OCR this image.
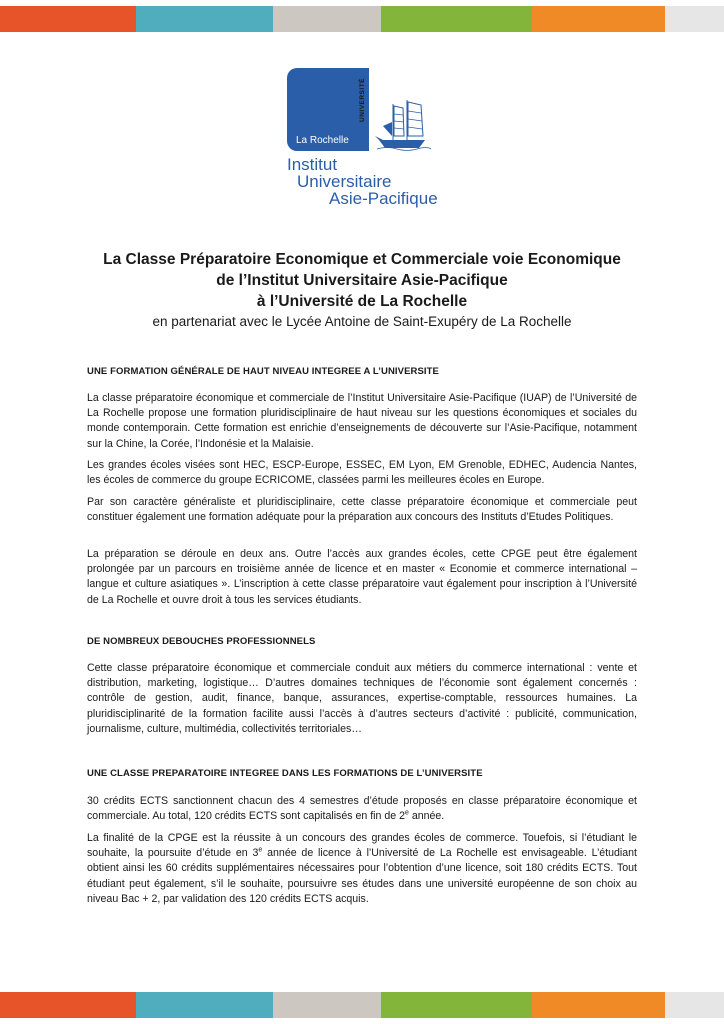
UNIVERSITÉ
La Rochelle
Institut
Universitaire
Asie-Pacifique
La Classe Préparatoire Economique et Commerciale voie Economique
de l’Institut Universitaire Asie-Pacifique
à l’Université de La Rochelle
en partenariat avec le Lycée Antoine de Saint-Exupéry de La Rochelle
UNE FORMATION GÉNÉRALE DE HAUT NIVEAU INTEGREE A L’UNIVERSITE

La classe préparatoire économique et commerciale de l’Institut Universitaire Asie-Pacifique (IUAP) de l’Université de La Rochelle propose une formation pluridisciplinaire de haut niveau sur les questions économiques et sociales du monde contemporain. Cette formation est enrichie d’enseignements de découverte sur l’Asie-Pacifique, notamment sur la Chine, la Corée, l’Indonésie et la Malaisie.

Les grandes écoles visées sont HEC, ESCP-Europe, ESSEC, EM Lyon, EM Grenoble, EDHEC, Audencia Nantes, les écoles de commerce du groupe ECRICOME, classées parmi les meilleures écoles en Europe.

Par son caractère généraliste et pluridisciplinaire, cette classe préparatoire économique et commerciale peut constituer également une formation adéquate pour la préparation aux concours des Instituts d’Etudes Politiques.

La préparation se déroule en deux ans. Outre l’accès aux grandes écoles, cette CPGE peut être également prolongée par un parcours en troisième année de licence et en master « Economie et commerce international – langue et culture asiatiques ». L’inscription à cette classe préparatoire vaut également pour inscription à l’Université de La Rochelle et ouvre droit à tous les services étudiants.

DE NOMBREUX DEBOUCHES PROFESSIONNELS

Cette classe préparatoire économique et commerciale conduit aux métiers du commerce international : vente et distribution, marketing, logistique… D’autres domaines techniques de l’économie sont également concernés : contrôle de gestion, audit, finance, banque, assurances, expertise-comptable, ressources humaines. La pluridisciplinarité de la formation facilite aussi l’accès à d’autres secteurs d’activité : publicité, communication, journalisme, culture, multimédia, collectivités territoriales…

UNE CLASSE PREPARATOIRE INTEGREE DANS LES FORMATIONS DE L’UNIVERSITE

30 crédits ECTS sanctionnent chacun des 4 semestres d’étude proposés en classe préparatoire économique et commerciale. Au total, 120 crédits ECTS sont capitalisés en fin de 2e année.

La finalité de la CPGE est la réussite à un concours des grandes écoles de commerce. Touefois, si l’étudiant le souhaite, la poursuite d’étude en 3e année de licence à l’Université de La Rochelle est envisageable. L’étudiant obtient ainsi les 60 crédits supplémentaires nécessaires pour l’obtention d’une licence, soit 180 crédits ECTS. Tout étudiant peut également, s’il le souhaite, poursuivre ses études dans une université européenne de son choix au niveau Bac + 2, par validation des 120 crédits ECTS acquis.
